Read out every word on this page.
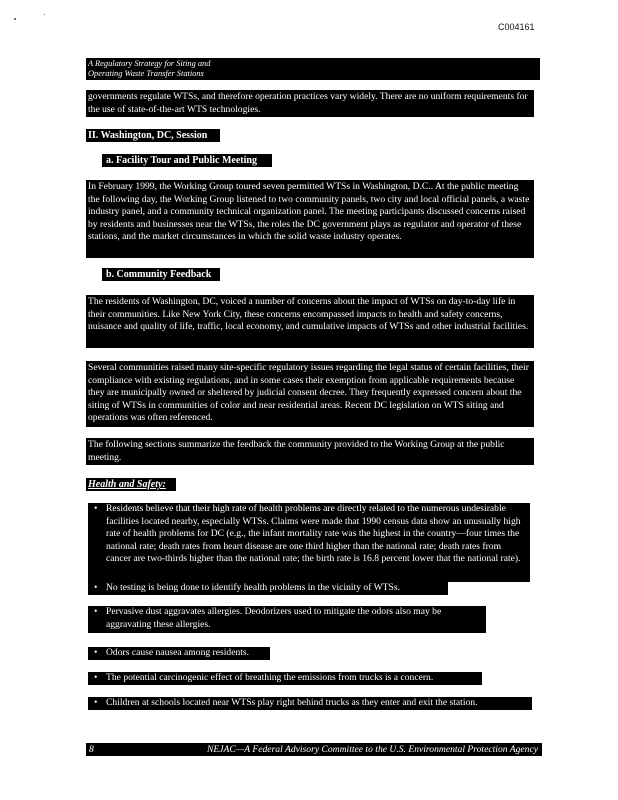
C004161
A Regulatory Strategy for Siting and
Operating Waste Transfer Stations
governments regulate WTSs, and therefore operation practices vary widely. There are no uniform requirements for the use of state-of-the-art WTS technologies.
II. Washington, DC, Session
a. Facility Tour and Public Meeting
In February 1999, the Working Group toured seven permitted WTSs in Washington, D.C.. At the public meeting the following day, the Working Group listened to two community panels, two city and local official panels, a waste industry panel, and a community technical organization panel. The meeting participants discussed concerns raised by residents and businesses near the WTSs, the roles the DC government plays as regulator and operator of these stations, and the market circumstances in which the solid waste industry operates.
b. Community Feedback
The residents of Washington, DC, voiced a number of concerns about the impact of WTSs on day-to-day life in their communities. Like New York City, these concerns encompassed impacts to health and safety concerns, nuisance and quality of life, traffic, local economy, and cumulative impacts of WTSs and other industrial facilities.
Several communities raised many site-specific regulatory issues regarding the legal status of certain facilities, their compliance with existing regulations, and in some cases their exemption from applicable requirements because they are municipally owned or sheltered by judicial consent decree. They frequently expressed concern about the siting of WTSs in communities of color and near residential areas. Recent DC legislation on WTS siting and operations was often referenced.
The following sections summarize the feedback the community provided to the Working Group at the public meeting.
Health and Safety:
• Residents believe that their high rate of health problems are directly related to the numerous undesirable facilities located nearby, especially WTSs. Claims were made that 1990 census data show an unusually high rate of health problems for DC (e.g., the infant mortality rate was the highest in the country—four times the national rate; death rates from heart disease are one third higher than the national rate; death rates from cancer are two-thirds higher than the national rate; the birth rate is 16.8 percent lower that the national rate).
• No testing is being done to identify health problems in the vicinity of WTSs.
• Pervasive dust aggravates allergies. Deodorizers used to mitigate the odors also may be aggravating these allergies.
• Odors cause nausea among residents.
• The potential carcinogenic effect of breathing the emissions from trucks is a concern.
• Children at schools located near WTSs play right behind trucks as they enter and exit the station.
8	NEJAC—A Federal Advisory Committee to the U.S. Environmental Protection Agency
